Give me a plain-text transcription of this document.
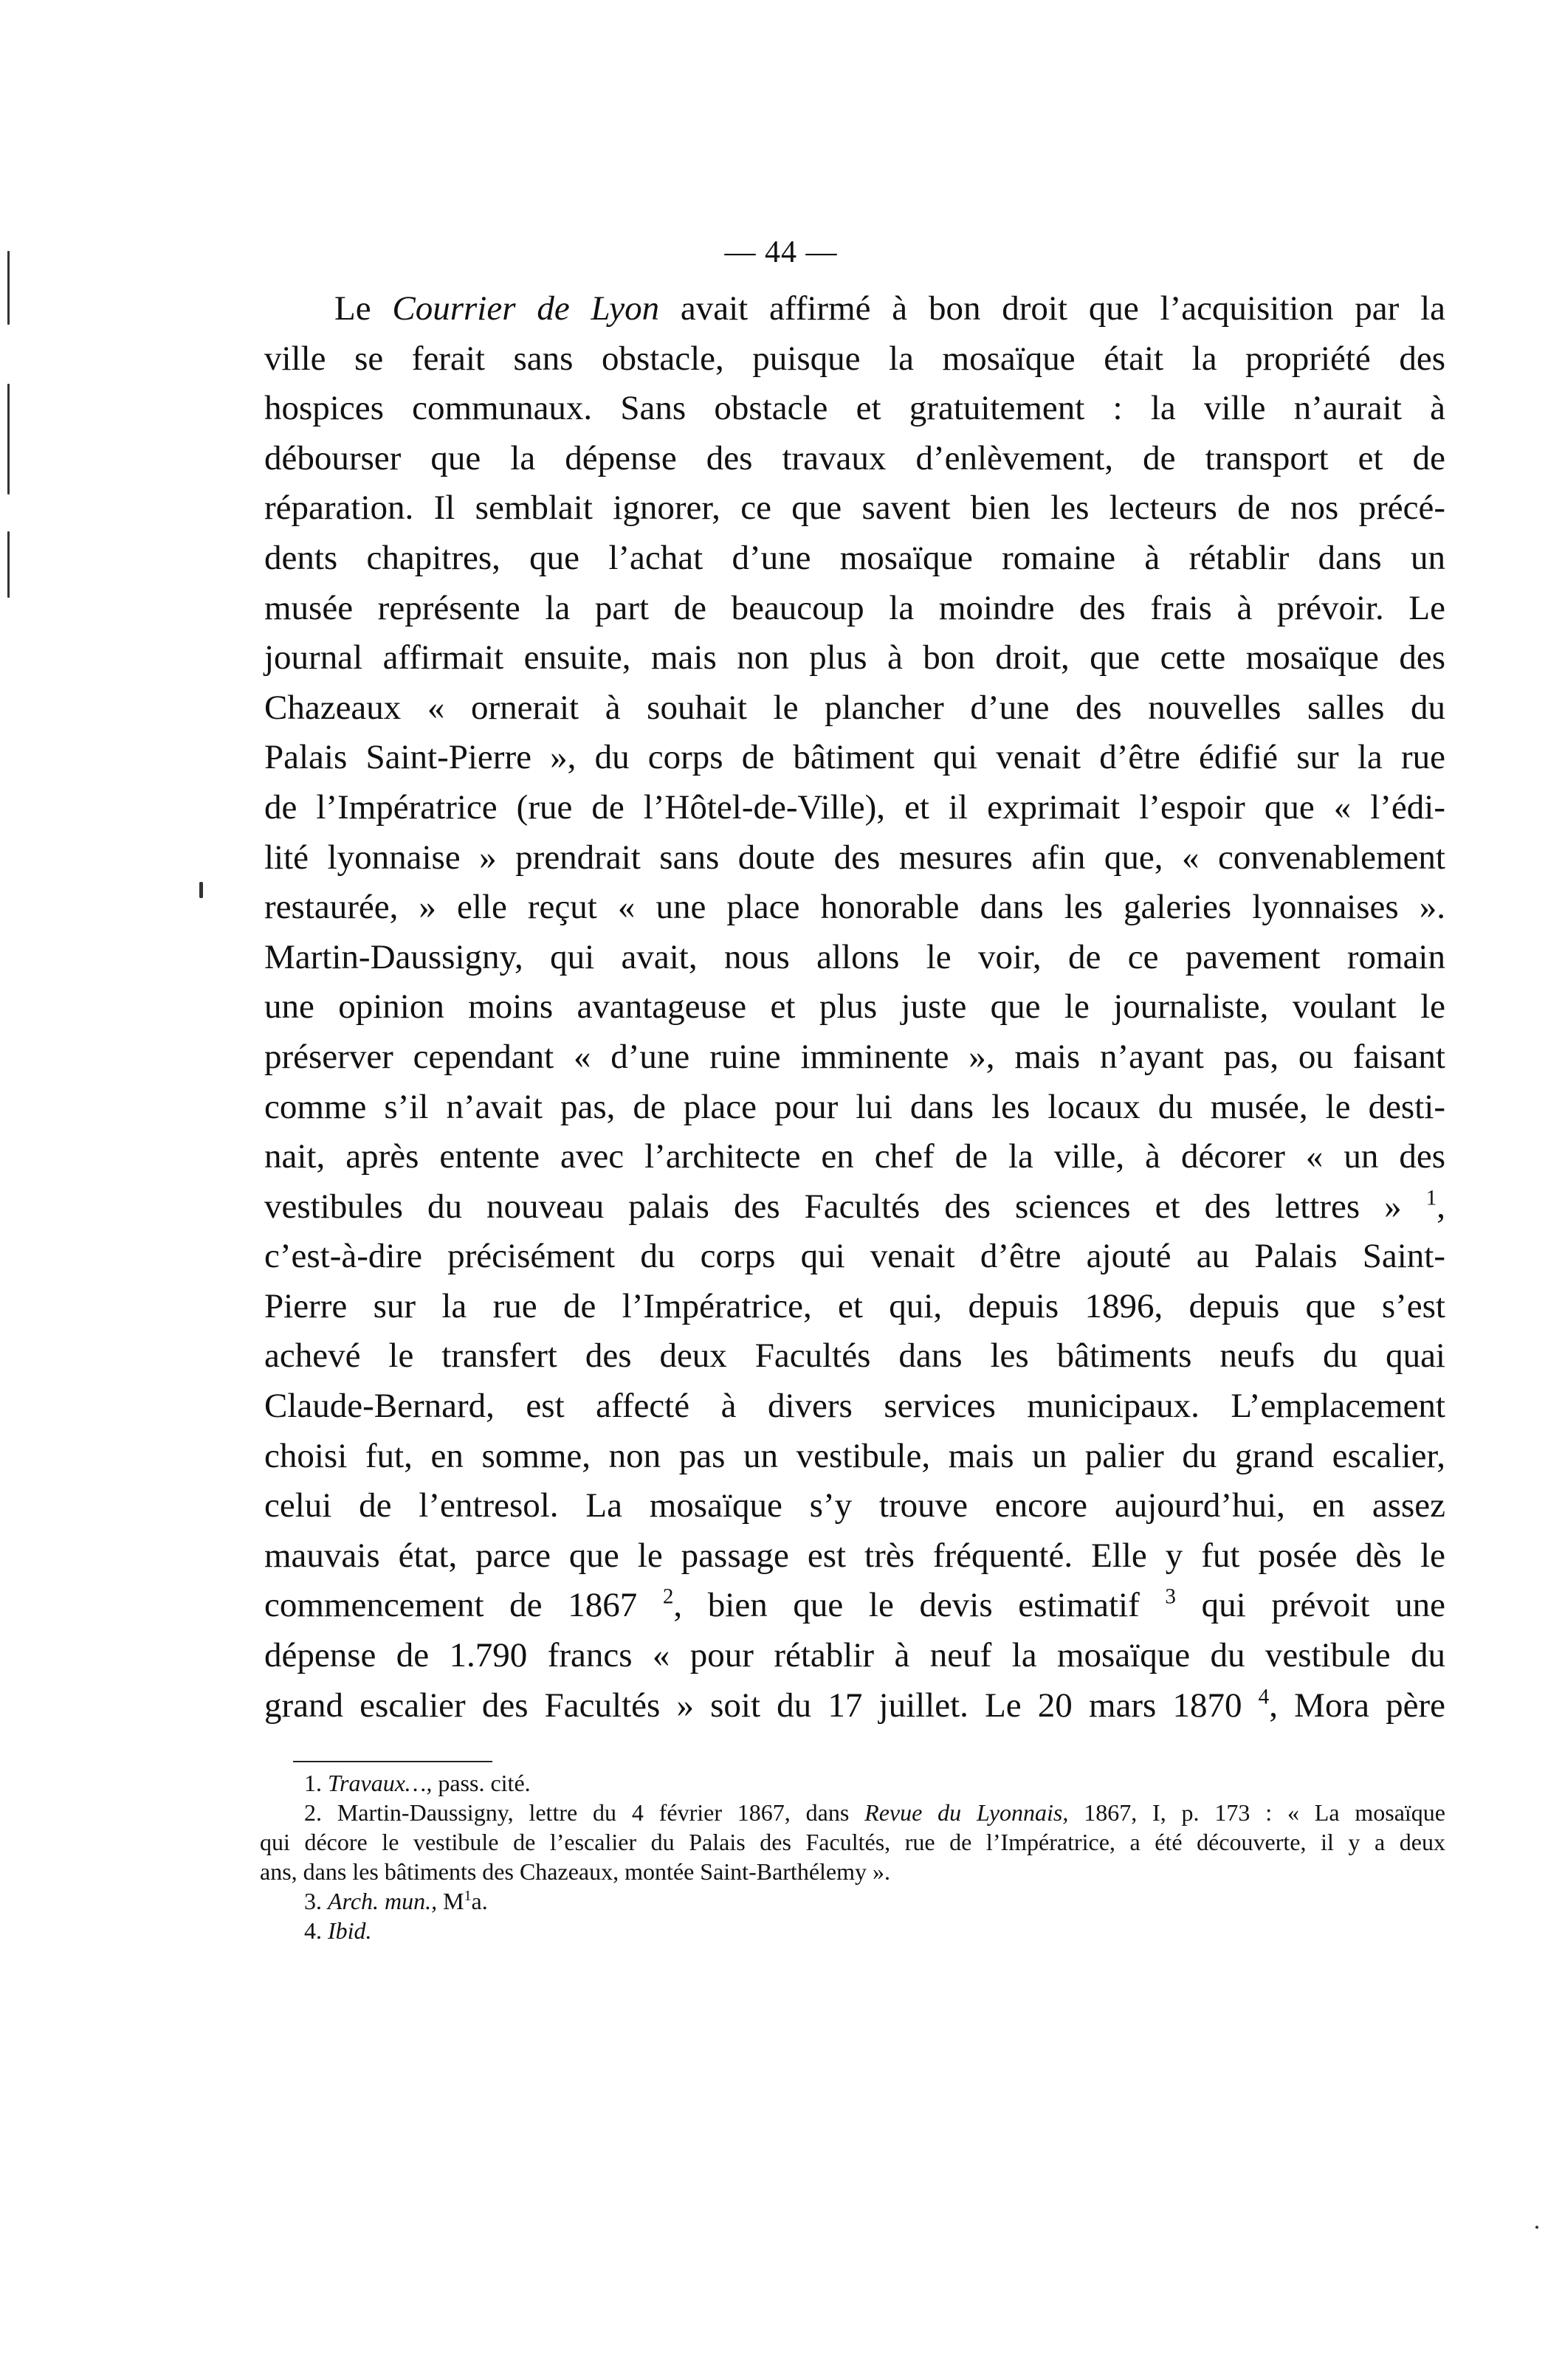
— 44 —
Le Courrier de Lyon avait affirmé à bon droit que l’acquisition par la
ville se ferait sans obstacle, puisque la mosaïque était la propriété des
hospices communaux. Sans obstacle et gratuitement : la ville n’aurait à
débourser que la dépense des travaux d’enlèvement, de transport et de
réparation. Il semblait ignorer, ce que savent bien les lecteurs de nos précé-
dents chapitres, que l’achat d’une mosaïque romaine à rétablir dans un
musée représente la part de beaucoup la moindre des frais à prévoir. Le
journal affirmait ensuite, mais non plus à bon droit, que cette mosaïque des
Chazeaux « ornerait à souhait le plancher d’une des nouvelles salles du
Palais Saint-Pierre », du corps de bâtiment qui venait d’être édifié sur la rue
de l’Impératrice (rue de l’Hôtel-de-Ville), et il exprimait l’espoir que « l’édi-
lité lyonnaise » prendrait sans doute des mesures afin que, « convenablement
restaurée, » elle reçut « une place honorable dans les galeries lyonnaises ».
Martin-Daussigny, qui avait, nous allons le voir, de ce pavement romain
une opinion moins avantageuse et plus juste que le journaliste, voulant le
préserver cependant « d’une ruine imminente », mais n’ayant pas, ou faisant
comme s’il n’avait pas, de place pour lui dans les locaux du musée, le desti-
nait, après entente avec l’architecte en chef de la ville, à décorer « un des
vestibules du nouveau palais des Facultés des sciences et des lettres » $^1$,
c’est-à-dire précisément du corps qui venait d’être ajouté au Palais Saint-
Pierre sur la rue de l’Impératrice, et qui, depuis 1896, depuis que s’est
achevé le transfert des deux Facultés dans les bâtiments neufs du quai
Claude-Bernard, est affecté à divers services municipaux. L’emplacement
choisi fut, en somme, non pas un vestibule, mais un palier du grand escalier,
celui de l’entresol. La mosaïque s’y trouve encore aujourd’hui, en assez
mauvais état, parce que le passage est très fréquenté. Elle y fut posée dès le
commencement de 1867 $^2$, bien que le devis estimatif $^3$ qui prévoit une
dépense de 1.790 francs « pour rétablir à neuf la mosaïque du vestibule du
grand escalier des Facultés » soit du 17 juillet. Le 20 mars 1870 $^4$, Mora père
1. Travaux…, pass. cité.
2. Martin-Daussigny, lettre du 4 février 1867, dans Revue du Lyonnais, 1867, I, p. 173 : « La mosaïque
qui décore le vestibule de l’escalier du Palais des Facultés, rue de l’Impératrice, a été découverte, il y a deux
ans, dans les bâtiments des Chazeaux, montée Saint-Barthélemy ».
3. Arch. mun., $M^1a$.
4. Ibid.
